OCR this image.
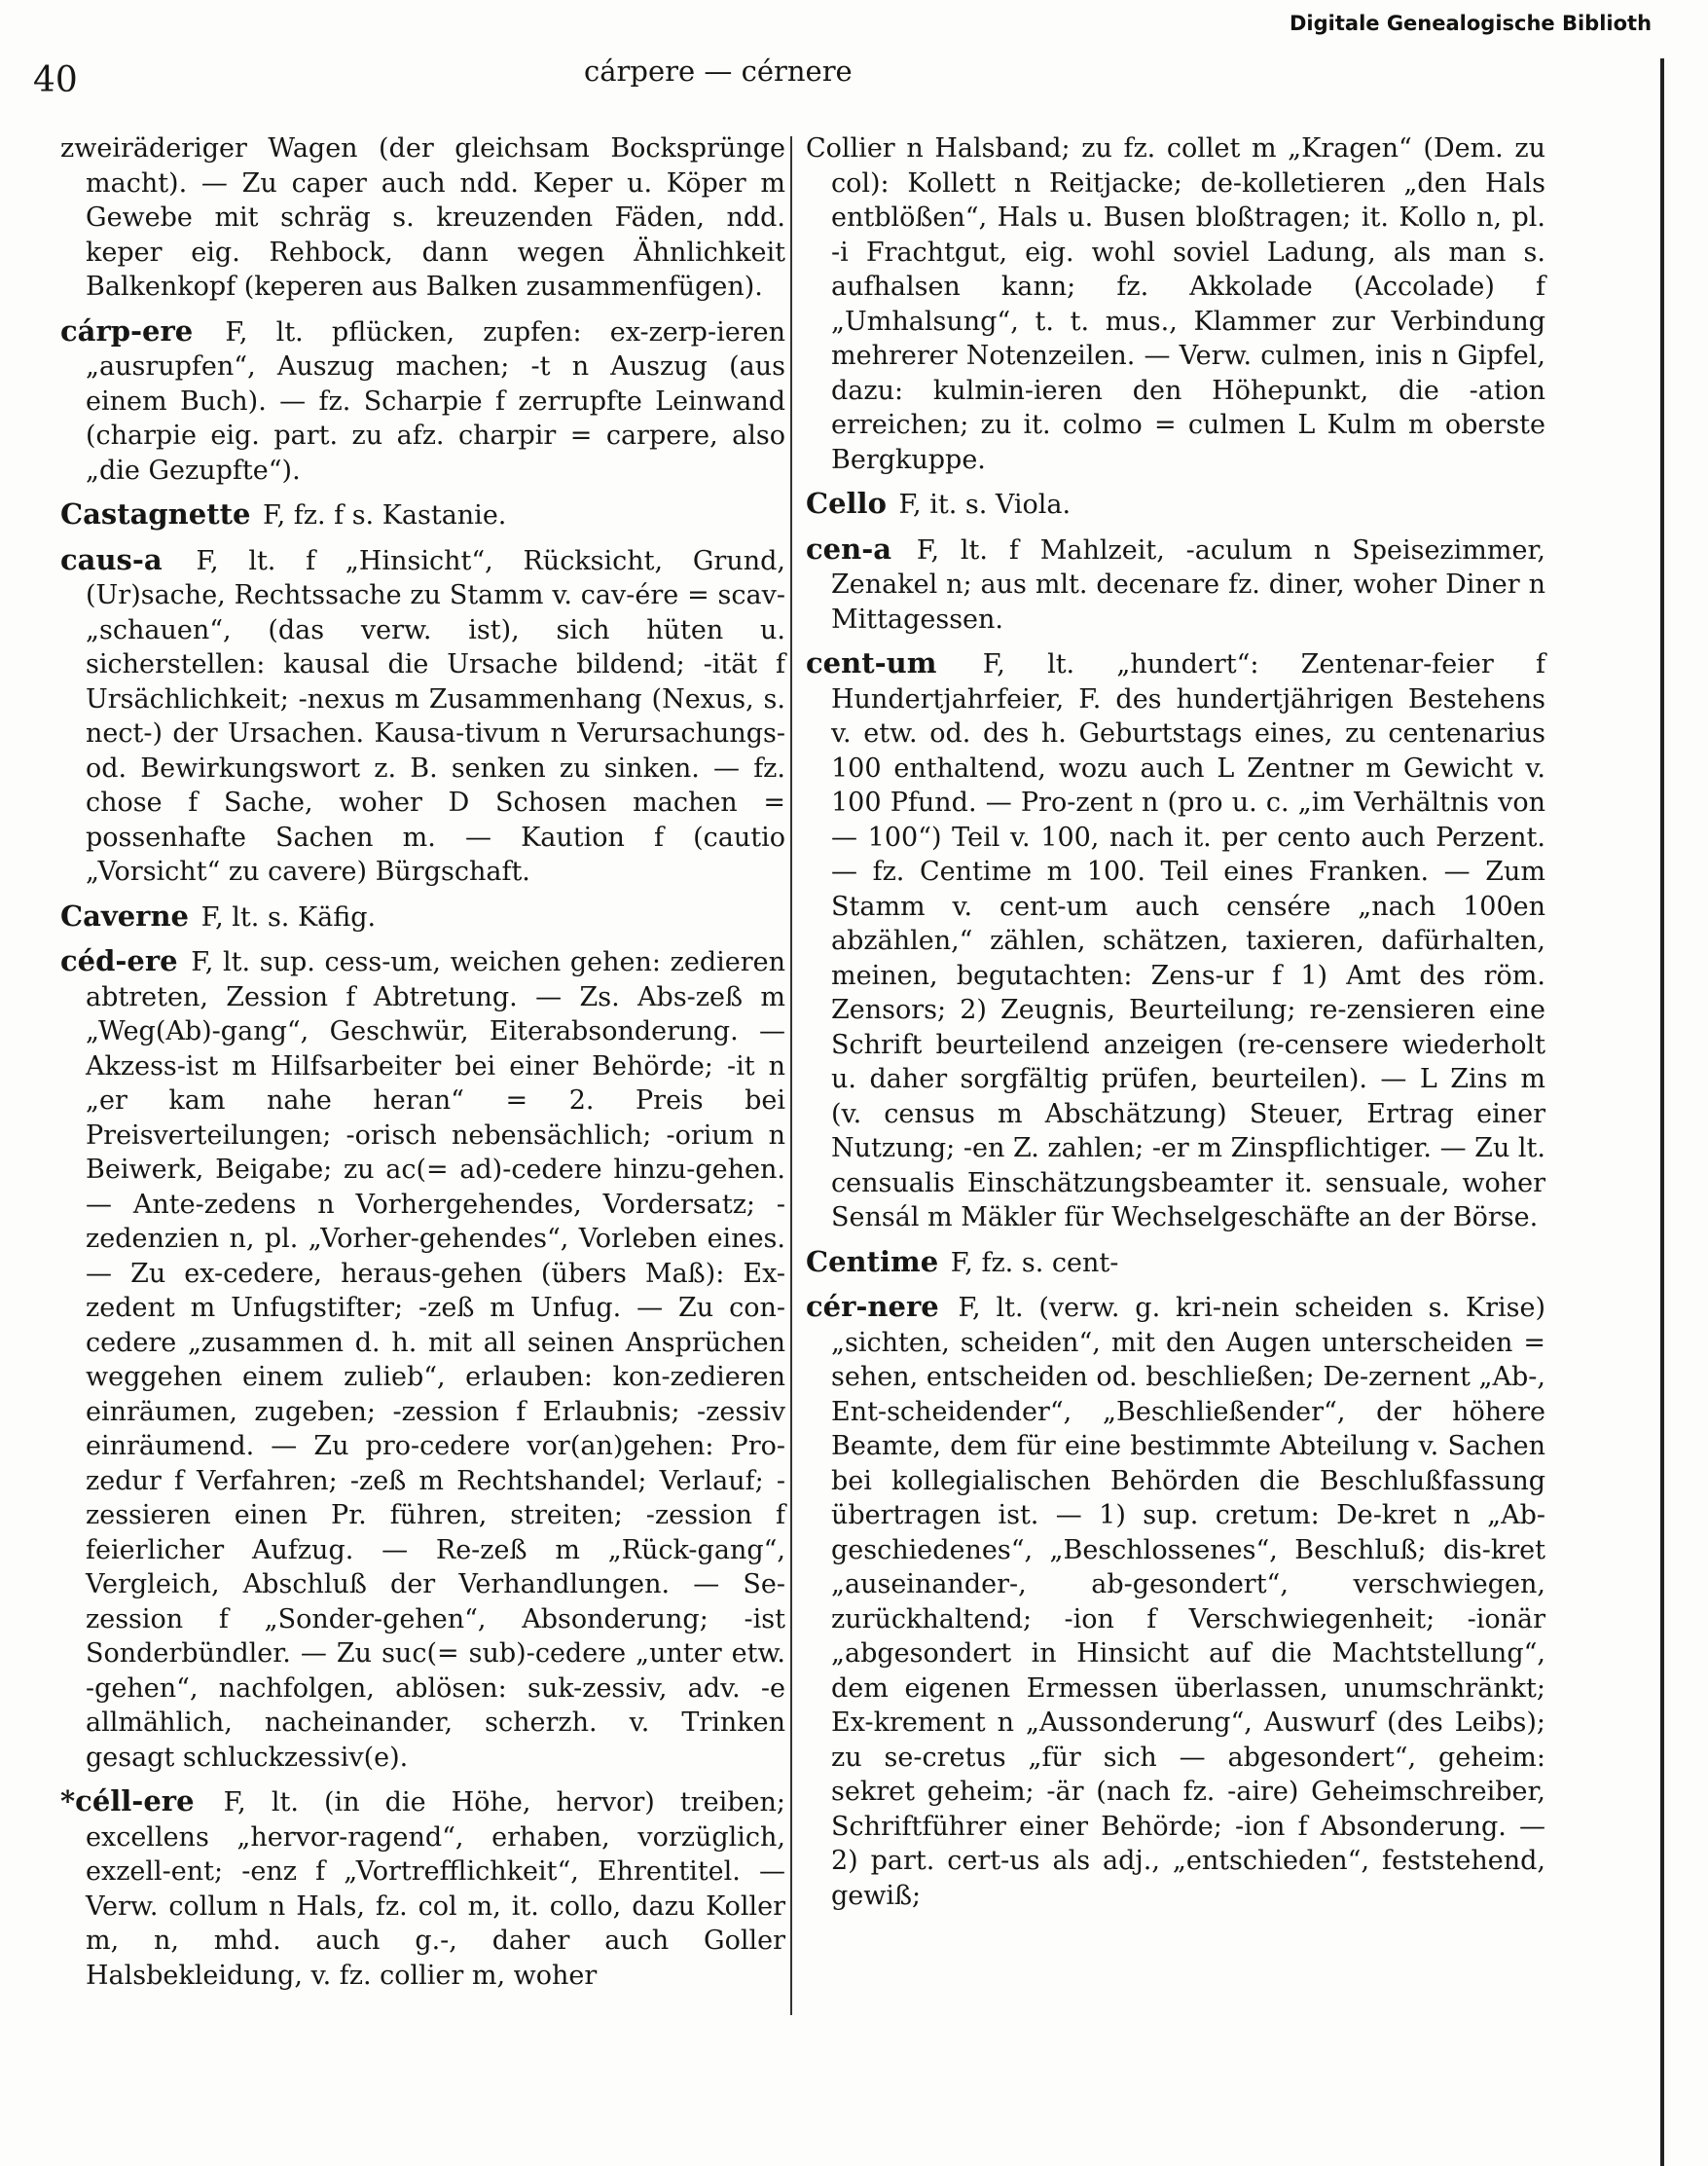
Digitale Genealogische Biblioth
40	cárpere — cérnere

zweiräderiger Wagen (der gleichsam Bocksprünge macht). — Zu caper auch ndd. Keper u. Köper m Gewebe mit schräg s. kreuzenden Fäden, ndd. keper eig. Rehbock, dann wegen Ähnlichkeit Balkenkopf (keperen aus Balken zusammenfügen).

cárp-ere F, lt. pflücken, zupfen: ex-zerp-ieren „ausrupfen“, Auszug machen; -t n Auszug (aus einem Buch). — fz. Scharpie f zerrupfte Leinwand (charpie eig. part. zu afz. charpir = carpere, also „die Gezupfte“).

Castagnette F, fz. f s. Kastanie.

caus-a F, lt. f „Hinsicht“, Rücksicht, Grund, (Ur)sache, Rechtssache zu Stamm v. cav-ére = scav- „schauen“, (das verw. ist), sich hüten u. sicherstellen: kausal die Ursache bildend; -ität f Ursächlichkeit; -nexus m Zusammenhang (Nexus, s. nect-) der Ursachen. Kausa-tivum n Verursachungs- od. Bewirkungswort z. B. senken zu sinken. — fz. chose f Sache, woher D Schosen machen = possenhafte Sachen m. — Kaution f (cautio „Vorsicht“ zu cavere) Bürgschaft.

Caverne F, lt. s. Käfig.

céd-ere F, lt. sup. cess-um, weichen gehen: zedieren abtreten, Zession f Abtretung. — Zs. Abs-zeß m „Weg(Ab)-gang“, Geschwür, Eiterabsonderung. — Akzess-ist m Hilfsarbeiter bei einer Behörde; -it n „er kam nahe heran“ = 2. Preis bei Preisverteilungen; -orisch nebensächlich; -orium n Beiwerk, Beigabe; zu ac(= ad)-cedere hinzu-gehen. — Ante-zedens n Vorhergehendes, Vordersatz; -zedenzien n, pl. „Vorher-gehendes“, Vorleben eines. — Zu ex-cedere, heraus-gehen (übers Maß): Ex-zedent m Unfugstifter; -zeß m Unfug. — Zu con-cedere „zusammen d. h. mit all seinen Ansprüchen weggehen einem zulieb“, erlauben: kon-zedieren einräumen, zugeben; -zession f Erlaubnis; -zessiv einräumend. — Zu pro-cedere vor(an)gehen: Pro-zedur f Verfahren; -zeß m Rechtshandel; Verlauf; -zessieren einen Pr. führen, streiten; -zession f feierlicher Aufzug. — Re-zeß m „Rück-gang“, Vergleich, Abschluß der Verhandlungen. — Se-zession f „Sonder-gehen“, Absonderung; -ist Sonderbündler. — Zu suc(= sub)-cedere „unter etw. -gehen“, nachfolgen, ablösen: suk-zessiv, adv. -e allmählich, nacheinander, scherzh. v. Trinken gesagt schluckzessiv(e).

*céll-ere F, lt. (in die Höhe, hervor) treiben; excellens „hervor-ragend“, erhaben, vorzüglich, exzell-ent; -enz f „Vortrefflichkeit“, Ehrentitel. — Verw. collum n Hals, fz. col m, it. collo, dazu Koller m, n, mhd. auch g.-, daher auch Goller Halsbekleidung, v. fz. collier m, woher

Collier n Halsband; zu fz. collet m „Kragen“ (Dem. zu col): Kollett n Reitjacke; de-kolletieren „den Hals entblößen“, Hals u. Busen bloßtragen; it. Kollo n, pl. -i Frachtgut, eig. wohl soviel Ladung, als man s. aufhalsen kann; fz. Akkolade (Accolade) f „Umhalsung“, t. t. mus., Klammer zur Verbindung mehrerer Notenzeilen. — Verw. culmen, inis n Gipfel, dazu: kulmin-ieren den Höhepunkt, die -ation erreichen; zu it. colmo = culmen L Kulm m oberste Bergkuppe.

Cello F, it. s. Viola.

cen-a F, lt. f Mahlzeit, -aculum n Speisezimmer, Zenakel n; aus mlt. decenare fz. diner, woher Diner n Mittagessen.

cent-um F, lt. „hundert“: Zentenar-feier f Hundertjahrfeier, F. des hundertjährigen Bestehens v. etw. od. des h. Geburtstags eines, zu centenarius 100 enthaltend, wozu auch L Zentner m Gewicht v. 100 Pfund. — Pro-zent n (pro u. c. „im Verhältnis von — 100“) Teil v. 100, nach it. per cento auch Perzent. — fz. Centime m 100. Teil eines Franken. — Zum Stamm v. cent-um auch censére „nach 100en abzählen,“ zählen, schätzen, taxieren, dafürhalten, meinen, begutachten: Zens-ur f 1) Amt des röm. Zensors; 2) Zeugnis, Beurteilung; re-zensieren eine Schrift beurteilend anzeigen (re-censere wiederholt u. daher sorgfältig prüfen, beurteilen). — L Zins m (v. census m Abschätzung) Steuer, Ertrag einer Nutzung; -en Z. zahlen; -er m Zinspflichtiger. — Zu lt. censualis Einschätzungsbeamter it. sensuale, woher Sensál m Mäkler für Wechselgeschäfte an der Börse.

Centime F, fz. s. cent-

cér-nere F, lt. (verw. g. kri-nein scheiden s. Krise) „sichten, scheiden“, mit den Augen unterscheiden = sehen, entscheiden od. beschließen; De-zernent „Ab-, Ent-scheidender“, „Beschließender“, der höhere Beamte, dem für eine bestimmte Abteilung v. Sachen bei kollegialischen Behörden die Beschlußfassung übertragen ist. — 1) sup. cretum: De-kret n „Ab-geschiedenes“, „Beschlossenes“, Beschluß; dis-kret „auseinander-, ab-gesondert“, verschwiegen, zurückhaltend; -ion f Verschwiegenheit; -ionär „abgesondert in Hinsicht auf die Machtstellung“, dem eigenen Ermessen überlassen, unumschränkt; Ex-krement n „Aussonderung“, Auswurf (des Leibs); zu se-cretus „für sich — abgesondert“, geheim: sekret geheim; -är (nach fz. -aire) Geheimschreiber, Schriftführer einer Behörde; -ion f Absonderung. — 2) part. cert-us als adj., „entschieden“, feststehend, gewiß;
